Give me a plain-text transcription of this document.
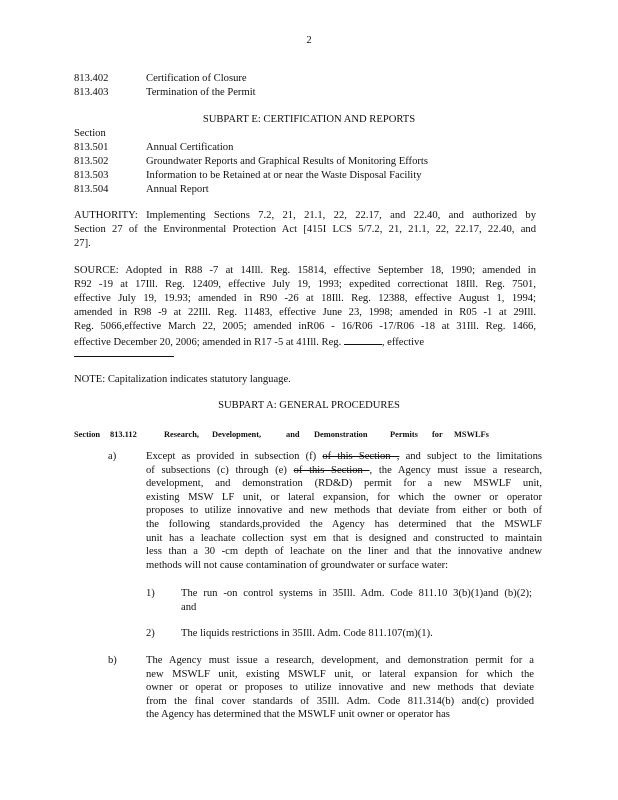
2
813.402	Certification of Closure
813.403	Termination of the Permit
SUBPART E: CERTIFICATION AND REPORTS
Section
813.501	Annual Certification
813.502	Groundwater Reports and Graphical Results of Monitoring Efforts
813.503	Information to be Retained at or near the Waste Disposal Facility
813.504	Annual Report
AUTHORITY: Implementing Sections 7.2, 21, 21.1, 22, 22.17, and 22.40, and authorized by
Section 27 of the Environmental Protection Act [415I LCS 5/7.2, 21, 21.1, 22, 22.17, 22.40, and
27].
SOURCE: Adopted in R88 -7 at 14Ill. Reg. 15814, effective September 18, 1990; amended in
R92 -19 at 17Ill. Reg. 12409, effective July 19, 1993; expedited correctionat 18Ill. Reg. 7501,
effective July 19, 19.93; amended in R90 -26 at 18Ill. Reg. 12388, effective August 1, 1994;
amended in R98 -9 at 22Ill. Reg. 11483, effective June 23, 1998; amended in R05 -1 at 29Ill.
Reg. 5066,effective March 22, 2005; amended inR06 - 16/R06 -17/R06 -18 at 31Ill. Reg. 1466,
effective December 20, 2006; amended in R17 -5 at 41Ill. Reg.	, effective
NOTE: Capitalization indicates statutory language.
SUBPART A: GENERAL PROCEDURES
Section 813.112	Research, Development,	and Demonstration	Permits for MSWLFs
a)	Except as provided in subsection (f) of this Section , and subject to the limitations
of subsections (c) through (e) of this Section , the Agency must issue a research,
development, and demonstration (RD&D) permit for a new MSWLF unit,
existing MSW LF unit, or lateral expansion, for which the owner or operator
proposes to utilize innovative and new methods that deviate from either or both of
the following standards,provided the Agency has determined that the MSWLF
unit has a leachate collection syst em that is designed and constructed to maintain
less than a 30 -cm depth of leachate on the liner and that the innovative andnew
methods will not cause contamination of groundwater or surface water:
1) The run -on control systems in 35Ill. Adm. Code 811.10 3(b)(1)and (b)(2);
and
2) The liquids restrictions in 35Ill. Adm. Code 811.107(m)(1).
b)	The Agency must issue a research, development, and demonstration permit for a
new MSWLF unit, existing MSWLF unit, or lateral expansion for which the
owner or operat or proposes to utilize innovative and new methods that deviate
from the final cover standards of 35Ill. Adm. Code 811.314(b) and(c) provided
the Agency has determined that the MSWLF unit owner or operator has
